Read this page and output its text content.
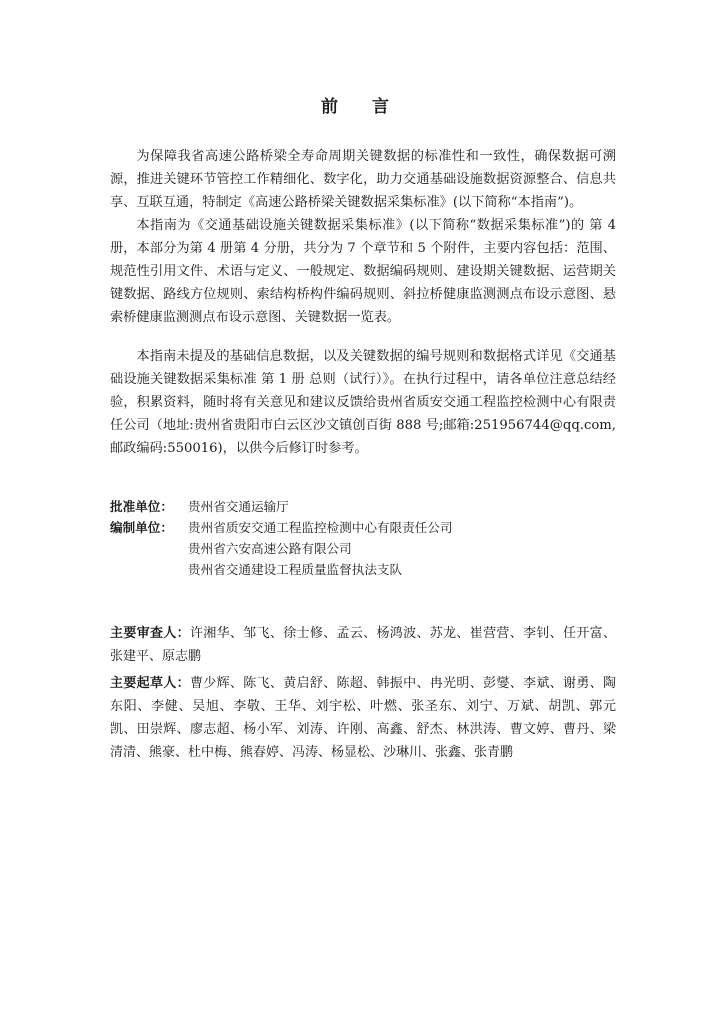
前 言

为保障我省高速公路桥梁全寿命周期关键数据的标准性和一致性，确保数据可溯源，推进关键环节管控工作精细化、数字化，助力交通基础设施数据资源整合、信息共享、互联互通，特制定《高速公路桥梁关键数据采集标准》(以下简称“本指南”)。

本指南为《交通基础设施关键数据采集标准》(以下简称“数据采集标准”)的 第 4 册，本部分为第 4 册第 4 分册，共分为 7 个章节和 5 个附件，主要内容包括：范围、规范性引用文件、术语与定义、一般规定、数据编码规则、建设期关键数据、运营期关键数据、路线方位规则、索结构桥构件编码规则、斜拉桥健康监测测点布设示意图、悬索桥健康监测测点布设示意图、关键数据一览表。

本指南未提及的基础信息数据，以及关键数据的编号规则和数据格式详见《交通基础设施关键数据采集标准 第 1 册 总则（试行）》。在执行过程中，请各单位注意总结经验，积累资料，随时将有关意见和建议反馈给贵州省质安交通工程监控检测中心有限责任公司（地址:贵州省贵阳市白云区沙文镇创百街 888 号;邮箱:251956744@qq.com,邮政编码:550016)，以供今后修订时参考。

批准单位：	贵州省交通运输厅
编制单位：	贵州省质安交通工程监控检测中心有限责任公司
贵州省六安高速公路有限公司
贵州省交通建设工程质量监督执法支队

主要审查人：许湘华、邹飞、徐士修、孟云、杨鸿波、苏龙、崔营营、李钊、任开富、张建平、原志鹏

主要起草人：曹少辉、陈飞、黄启舒、陈超、韩振中、冉光明、彭燮、李斌、谢勇、陶东阳、李健、吴旭、李敬、王华、刘宇松、叶燃、张圣东、刘宁、万斌、胡凯、郭元凯、田崇辉、廖志超、杨小军、刘涛、许刚、高鑫、舒杰、林洪涛、曹文婷、曹丹、梁清清、熊豪、杜中梅、熊春婷、冯涛、杨显松、沙琳川、张鑫、张青鹏
